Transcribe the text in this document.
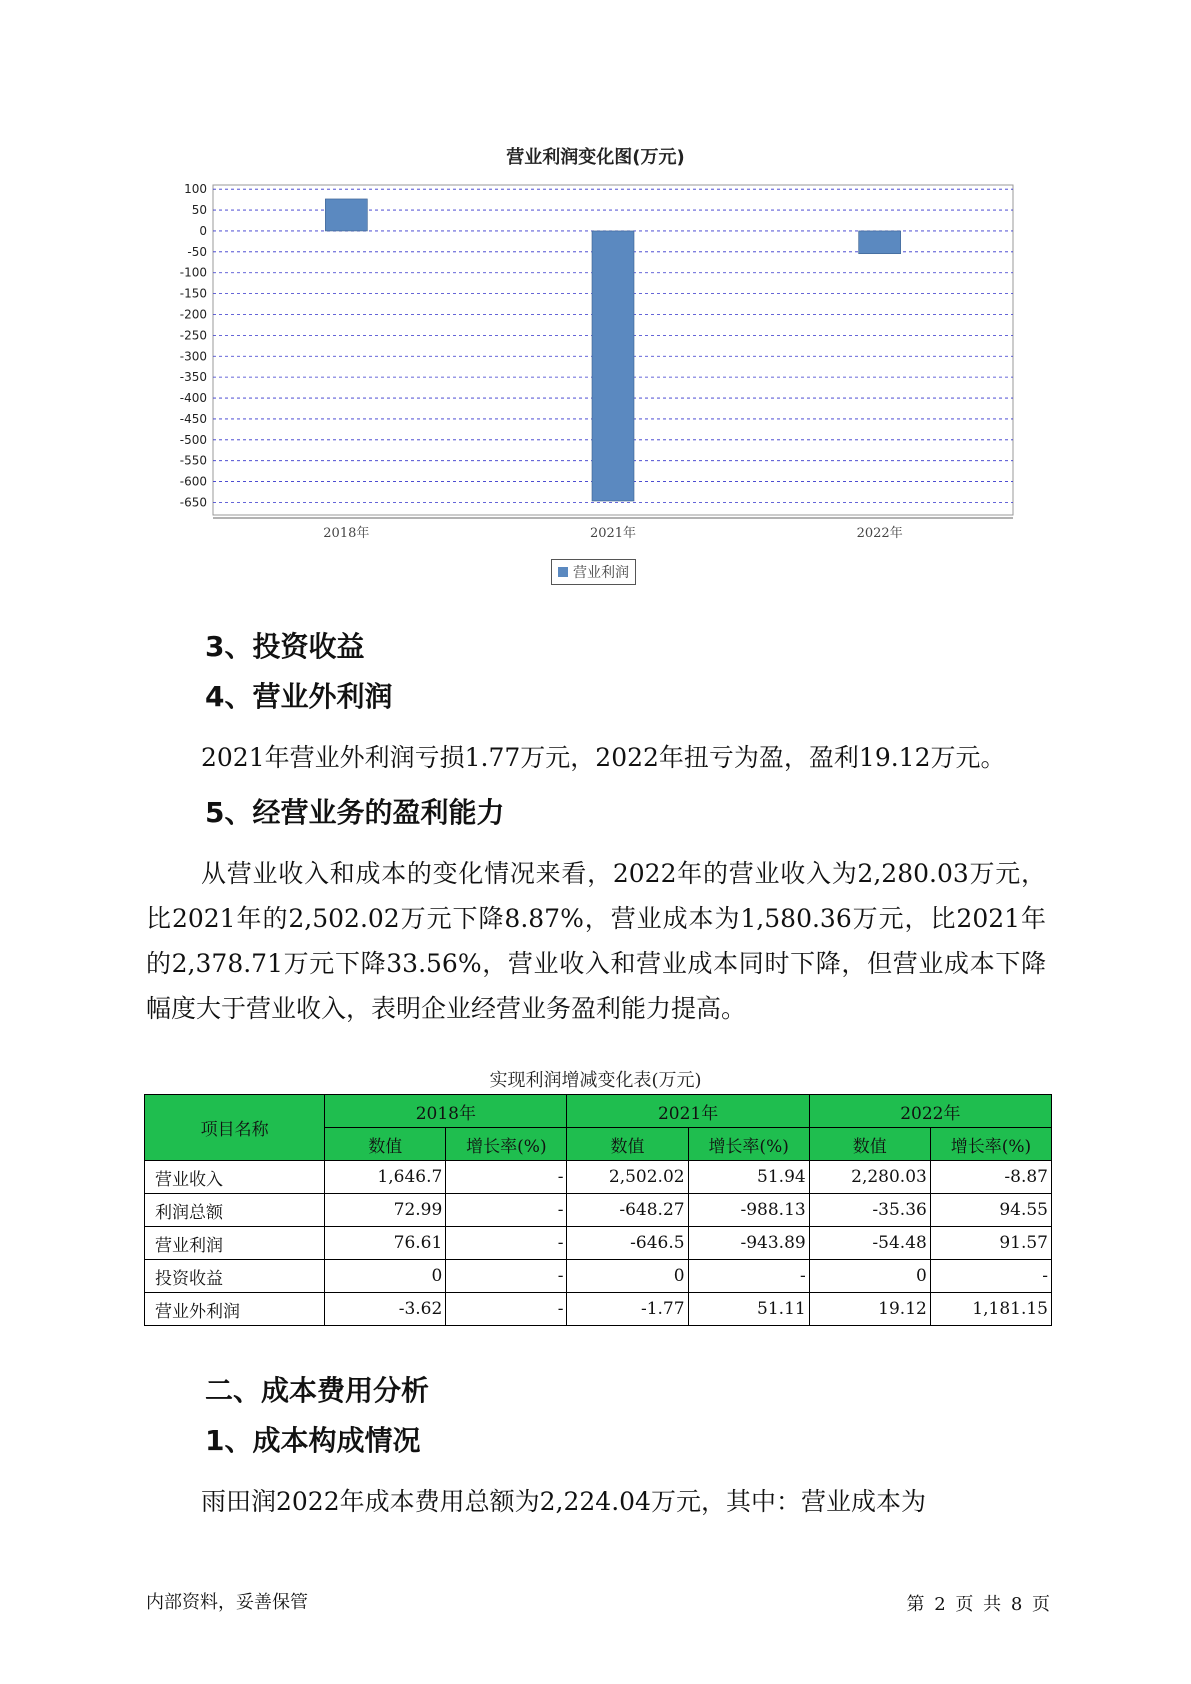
营业利润变化图(万元)
100
50
0
-50
-100
-150
-200
-250
-300
-350
-400
-450
-500
-550
-600
-650
2018年	2021年	2022年
营业利润
3、投资收益
4、营业外利润
2021年营业外利润亏损1.77万元，2022年扭亏为盈，盈利19.12万元。
5、经营业务的盈利能力
从营业收入和成本的变化情况来看，2022年的营业收入为2,280.03万元，比2021年的2,502.02万元下降8.87%，营业成本为1,580.36万元，比2021年的2,378.71万元下降33.56%，营业收入和营业成本同时下降，但营业成本下降幅度大于营业收入，表明企业经营业务盈利能力提高。
实现利润增减变化表(万元)
项目名称	2018年		2021年		2022年	
	数值	增长率(%)	数值	增长率(%)	数值	增长率(%)
营业收入	1,646.7	-	2,502.02	51.94	2,280.03	-8.87
利润总额	72.99	-	-648.27	-988.13	-35.36	94.55
营业利润	76.61	-	-646.5	-943.89	-54.48	91.57
投资收益	0	-	0	-	0	-
营业外利润	-3.62	-	-1.77	51.11	19.12	1,181.15
二、成本费用分析
1、成本构成情况
雨田润2022年成本费用总额为2,224.04万元，其中：营业成本为
内部资料，妥善保管	第 2 页 共 8 页
